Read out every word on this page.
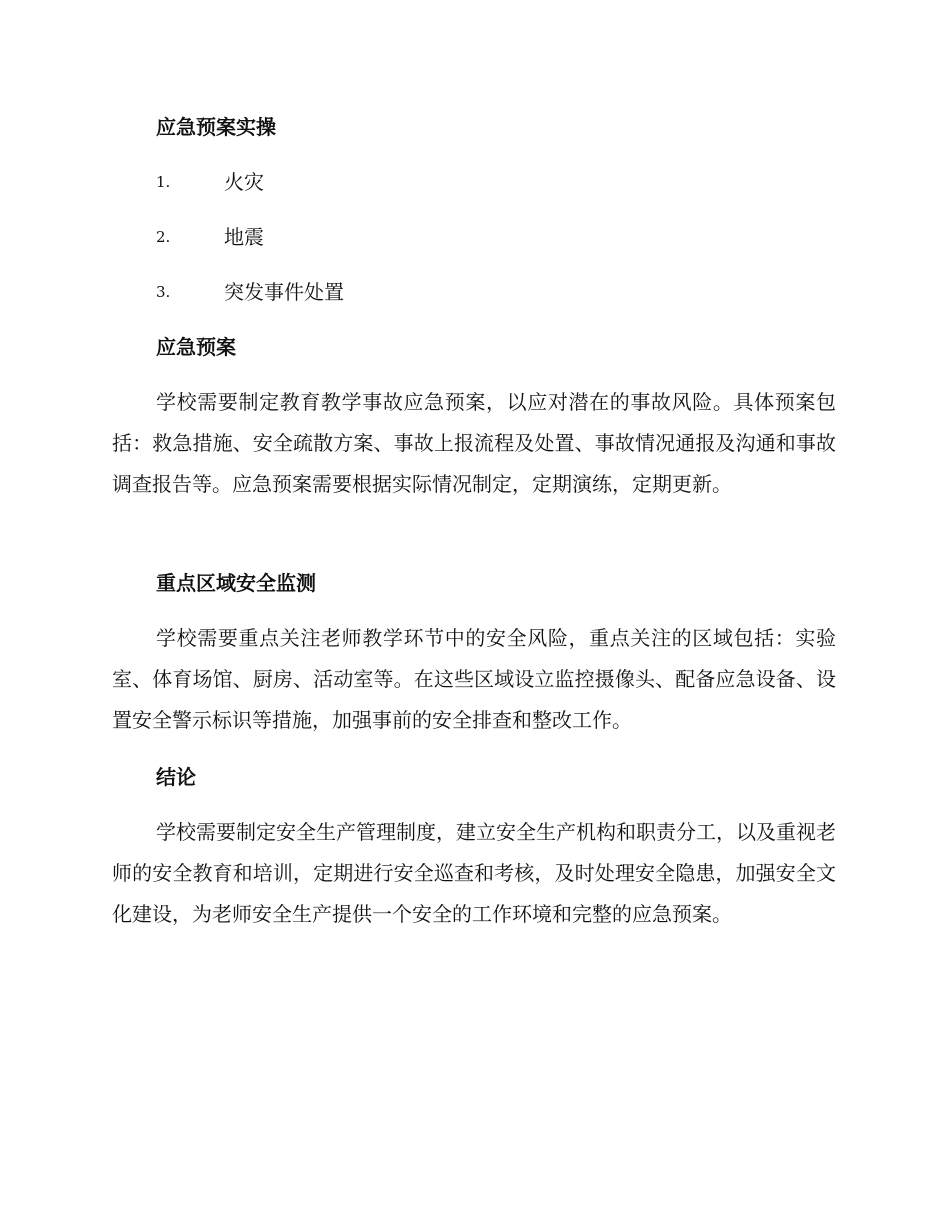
应急预案实操
1.	火灾
2.	地震
3.	突发事件处置
应急预案

学校需要制定教育教学事故应急预案，以应对潜在的事故风险。具体预案包括：救急措施、安全疏散方案、事故上报流程及处置、事故情况通报及沟通和事故调查报告等。应急预案需要根据实际情况制定，定期演练，定期更新。

重点区域安全监测

学校需要重点关注老师教学环节中的安全风险，重点关注的区域包括：实验室、体育场馆、厨房、活动室等。在这些区域设立监控摄像头、配备应急设备、设置安全警示标识等措施，加强事前的安全排查和整改工作。

结论

学校需要制定安全生产管理制度，建立安全生产机构和职责分工，以及重视老师的安全教育和培训，定期进行安全巡查和考核，及时处理安全隐患，加强安全文化建设，为老师安全生产提供一个安全的工作环境和完整的应急预案。
